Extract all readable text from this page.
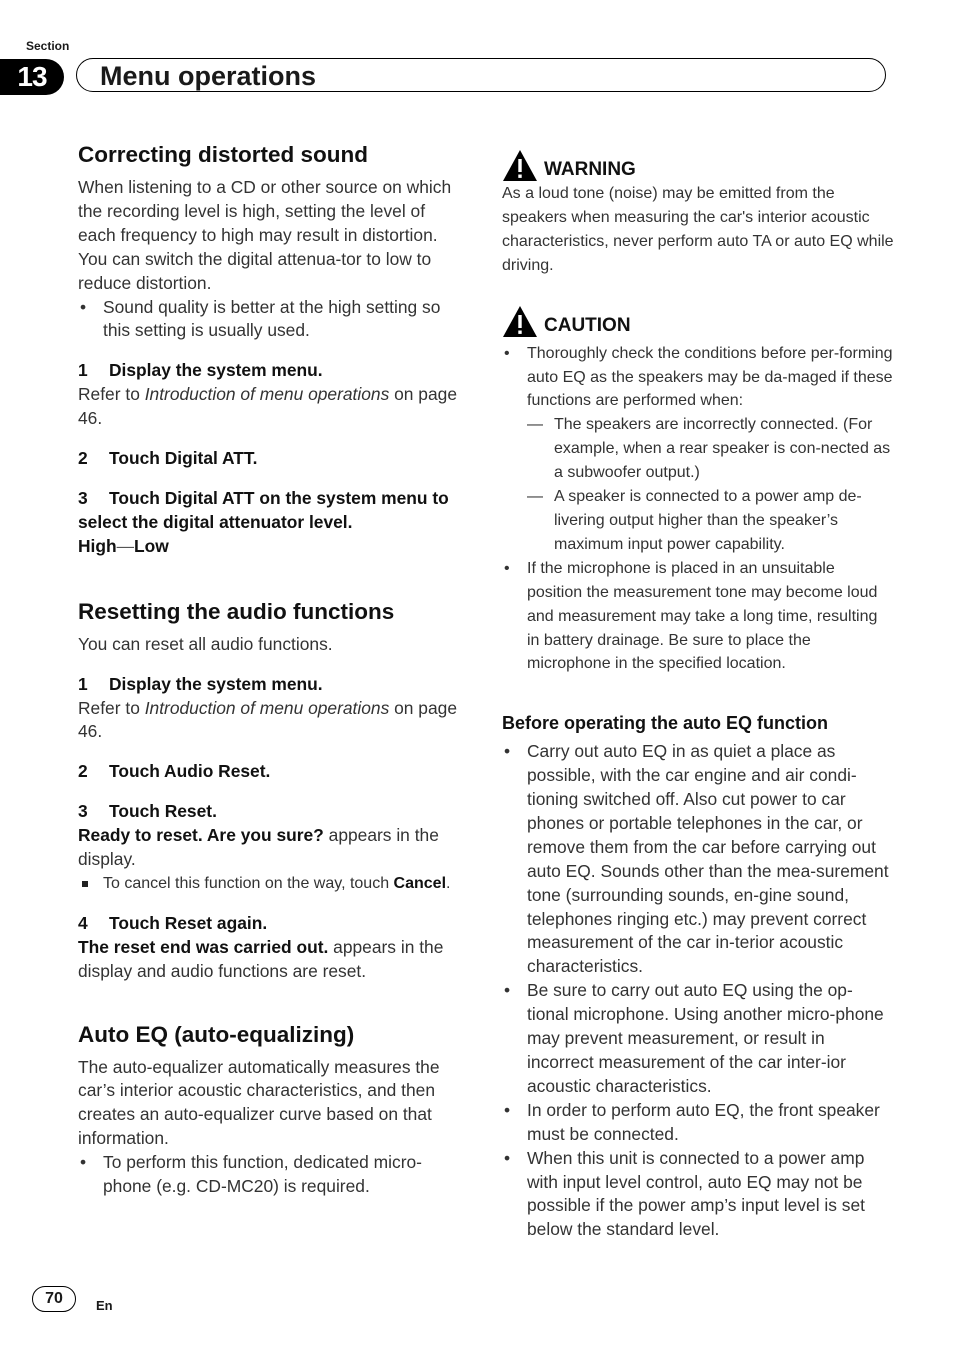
Section
13	Menu operations
Correcting distorted sound

When listening to a CD or other source on which the recording level is high, setting the level of each frequency to high may result in distortion. You can switch the digital attenua-tor to low to reduce distortion.

• Sound quality is better at the high setting so this setting is usually used.
1 Display the system menu.

Refer to Introduction of menu operations on page 46.

2 Touch Digital ATT.
3 Touch Digital ATT on the system menu to select the digital attenuator level.

High—Low

Resetting the audio functions

You can reset all audio functions.

1 Display the system menu.

Refer to Introduction of menu operations on page 46.

2 Touch Audio Reset.
3 Touch Reset.

Ready to reset. Are you sure? appears in the display.

To cancel this function on the way, touch Cancel.
4 Touch Reset again.

The reset end was carried out. appears in the display and audio functions are reset.

Auto EQ (auto-equalizing)

The auto-equalizer automatically measures the car’s interior acoustic characteristics, and then creates an auto-equalizer curve based on that information.

• To perform this function, dedicated micro-phone (e.g. CD-MC20) is required.
WARNING
As a loud tone (noise) may be emitted from the speakers when measuring the car's interior acoustic characteristics, never perform auto TA or auto EQ while driving.
CAUTION
• Thoroughly check the conditions before per-forming auto EQ as the speakers may be da-maged if these functions are performed when:
— The speakers are incorrectly connected. (For example, when a rear speaker is con-nected as a subwoofer output.)
— A speaker is connected to a power amp de-livering output higher than the speaker’s maximum input power capability.
• If the microphone is placed in an unsuitable position the measurement tone may become loud and measurement may take a long time, resulting in battery drainage. Be sure to place the microphone in the specified location.
Before operating the auto EQ function
• Carry out auto EQ in as quiet a place as possible, with the car engine and air condi-tioning switched off. Also cut power to car phones or portable telephones in the car, or remove them from the car before carrying out auto EQ. Sounds other than the mea-surement tone (surrounding sounds, en-gine sound, telephones ringing etc.) may prevent correct measurement of the car in-terior acoustic characteristics.
• Be sure to carry out auto EQ using the op-tional microphone. Using another micro-phone may prevent measurement, or result in incorrect measurement of the car inter-ior acoustic characteristics.
• In order to perform auto EQ, the front speaker must be connected.
• When this unit is connected to a power amp with input level control, auto EQ may not be possible if the power amp’s input level is set below the standard level.
70	En
